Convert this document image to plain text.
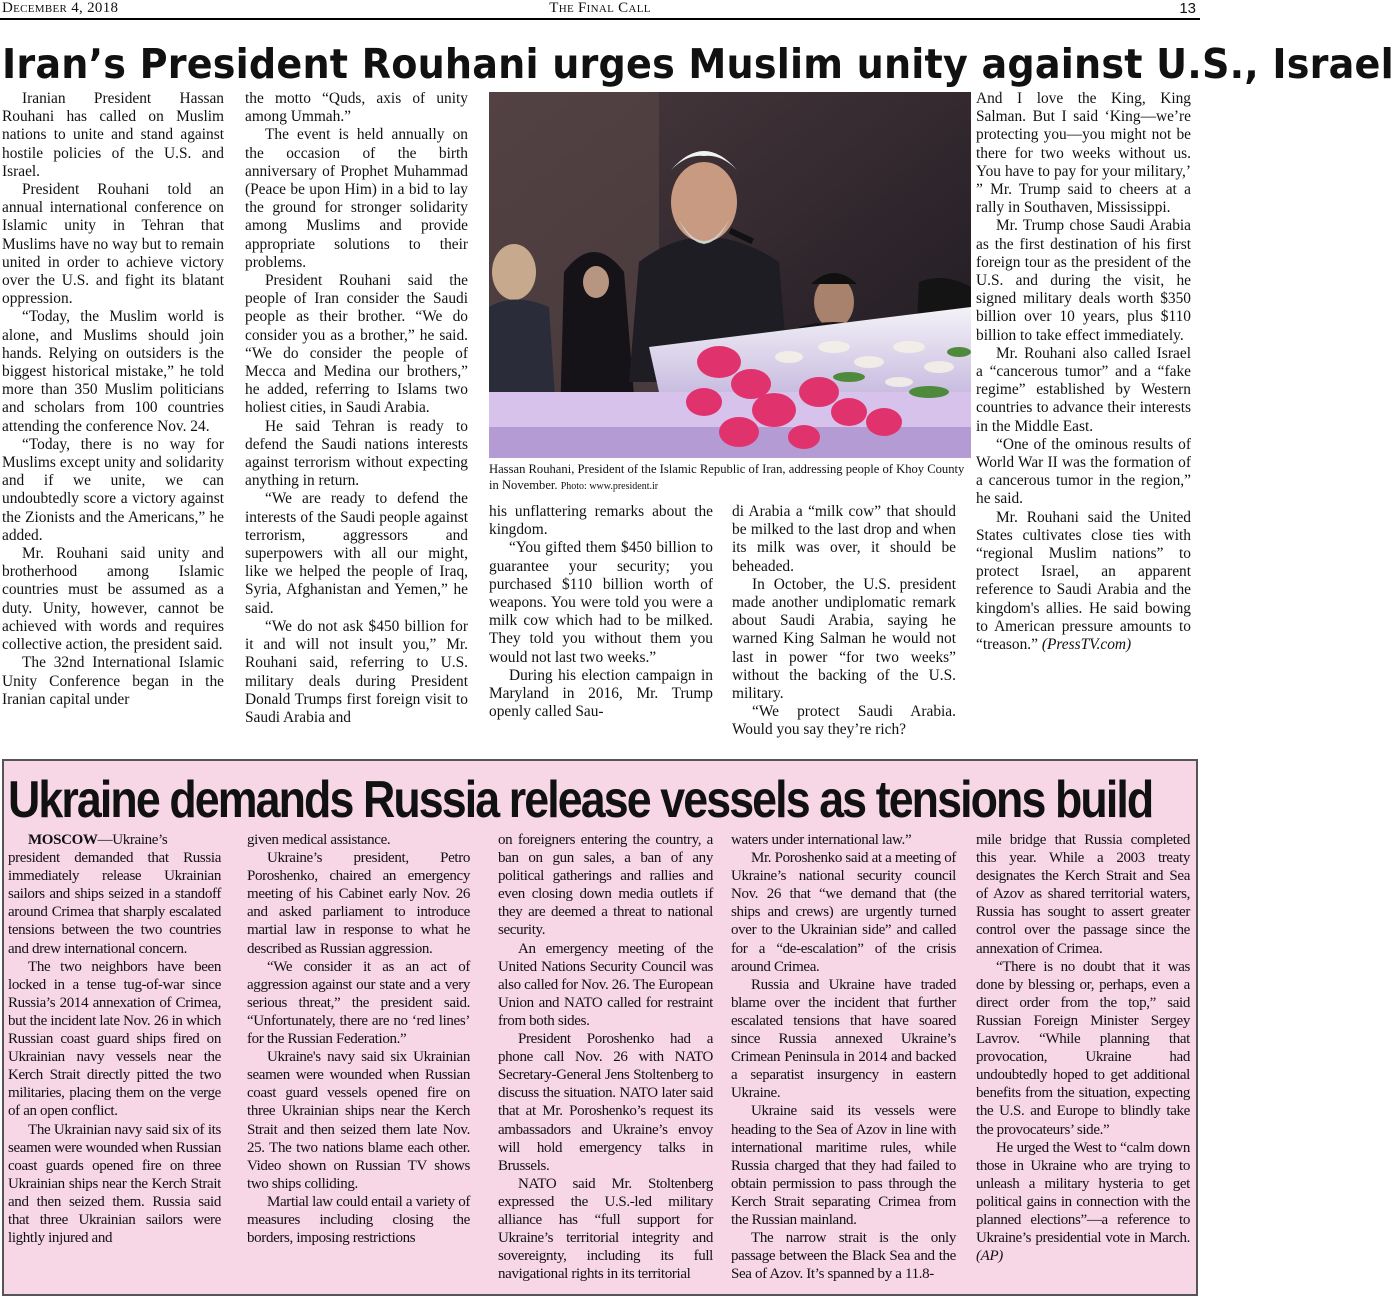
December 4, 2018	The Final Call	13
Iran’s President Rouhani urges Muslim unity against U.S., Israel

Iranian President Hassan Rouhani has called on Muslim nations to unite and stand against hostile policies of the U.S. and Israel.

President Rouhani told an annual international conference on Islamic unity in Tehran that Muslims have no way but to remain united in order to achieve victory over the U.S. and fight its blatant oppression.

“Today, the Muslim world is alone, and Muslims should join hands. Relying on outsiders is the biggest historical mistake,” he told more than 350 Muslim politicians and scholars from 100 countries attending the conference Nov. 24.

“Today, there is no way for Muslims except unity and solidarity and if we unite, we can undoubtedly score a victory against the Zionists and the Americans,” he added.

Mr. Rouhani said unity and brotherhood among Islamic countries must be assumed as a duty. Unity, however, cannot be achieved with words and requires collective action, the president said.

The 32nd International Islamic Unity Conference began in the Iranian capital under

the motto “Quds, axis of unity among Ummah.”

The event is held annually on the occasion of the birth anniversary of Prophet Muhammad (Peace be upon Him) in a bid to lay the ground for stronger solidarity among Muslims and provide appropriate solutions to their problems.

President Rouhani said the people of Iran consider the Saudi people as their brother. “We do consider you as a brother,” he said. “We do consider the people of Mecca and Medina our brothers,” he added, referring to Islams two holiest cities, in Saudi Arabia.

He said Tehran is ready to defend the Saudi nations interests against terrorism without expecting anything in return.

“We are ready to defend the interests of the Saudi people against terrorism, aggressors and superpowers with all our might, like we helped the people of Iraq, Syria, Afghanistan and Yemen,” he said.

“We do not ask $450 billion for it and will not insult you,” Mr. Rouhani said, referring to U.S. military deals during President Donald Trumps first foreign visit to Saudi Arabia and

Hassan Rouhani, President of the Islamic Republic of Iran, addressing people of Khoy County in November. Photo: www.president.ir

his unflattering remarks about the kingdom.

“You gifted them $450 billion to guarantee your security; you purchased $110 billion worth of weapons. You were told you were a milk cow which had to be milked. They told you without them you would not last two weeks.”

During his election campaign in Maryland in 2016, Mr. Trump openly called Sau-

di Arabia a “milk cow” that should be milked to the last drop and when its milk was over, it should be beheaded.

In October, the U.S. president made another undiplomatic remark about Saudi Arabia, saying he warned King Salman he would not last in power “for two weeks” without the backing of the U.S. military.

“We protect Saudi Arabia. Would you say they’re rich?

And I love the King, King Salman. But I said ‘King—we’re protecting you—you might not be there for two weeks without us. You have to pay for your military,’ ” Mr. Trump said to cheers at a rally in Southaven, Mississippi.

Mr. Trump chose Saudi Arabia as the first destination of his first foreign tour as the president of the U.S. and during the visit, he signed military deals worth $350 billion over 10 years, plus $110 billion to take effect immediately.

Mr. Rouhani also called Israel a “cancerous tumor” and a “fake regime” established by Western countries to advance their interests in the Middle East.

“One of the ominous results of World War II was the formation of a cancerous tumor in the region,” he said.

Mr. Rouhani said the United States cultivates close ties with “regional Muslim nations” to protect Israel, an apparent reference to Saudi Arabia and the kingdom's allies. He said bowing to American pressure amounts to “treason.” (PressTV.com)

Ukraine demands Russia release vessels as tensions build

MOSCOW—Ukraine’s president demanded that Russia immediately release Ukrainian sailors and ships seized in a standoff around Crimea that sharply escalated tensions between the two countries and drew international concern.

The two neighbors have been locked in a tense tug-of-war since Russia’s 2014 annexation of Crimea, but the incident late Nov. 26 in which Russian coast guard ships fired on Ukrainian navy vessels near the Kerch Strait directly pitted the two militaries, placing them on the verge of an open conflict.

The Ukrainian navy said six of its seamen were wounded when Russian coast guards opened fire on three Ukrainian ships near the Kerch Strait and then seized them. Russia said that three Ukrainian sailors were lightly injured and

given medical assistance.

Ukraine’s president, Petro Poroshenko, chaired an emergency meeting of his Cabinet early Nov. 26 and asked parliament to introduce martial law in response to what he described as Russian aggression.

“We consider it as an act of aggression against our state and a very serious threat,” the president said. “Unfortunately, there are no ‘red lines’ for the Russian Federation.”

Ukraine's navy said six Ukrainian seamen were wounded when Russian coast guard vessels opened fire on three Ukrainian ships near the Kerch Strait and then seized them late Nov. 25. The two nations blame each other. Video shown on Russian TV shows two ships colliding.

Martial law could entail a variety of measures including closing the borders, imposing restrictions

on foreigners entering the country, a ban on gun sales, a ban of any political gatherings and rallies and even closing down media outlets if they are deemed a threat to national security.

An emergency meeting of the United Nations Security Council was also called for Nov. 26. The European Union and NATO called for restraint from both sides.

President Poroshenko had a phone call Nov. 26 with NATO Secretary-General Jens Stoltenberg to discuss the situation. NATO later said that at Mr. Poroshenko’s request its ambassadors and Ukraine’s envoy will hold emergency talks in Brussels.

NATO said Mr. Stoltenberg expressed the U.S.-led military alliance has “full support for Ukraine’s territorial integrity and sovereignty, including its full navigational rights in its territorial

waters under international law.”

Mr. Poroshenko said at a meeting of Ukraine’s national security council Nov. 26 that “we demand that (the ships and crews) are urgently turned over to the Ukrainian side” and called for a “de-escalation” of the crisis around Crimea.

Russia and Ukraine have traded blame over the incident that further escalated tensions that have soared since Russia annexed Ukraine’s Crimean Peninsula in 2014 and backed a separatist insurgency in eastern Ukraine.

Ukraine said its vessels were heading to the Sea of Azov in line with international maritime rules, while Russia charged that they had failed to obtain permission to pass through the Kerch Strait separating Crimea from the Russian mainland.

The narrow strait is the only passage between the Black Sea and the Sea of Azov. It’s spanned by a 11.8-

mile bridge that Russia completed this year. While a 2003 treaty designates the Kerch Strait and Sea of Azov as shared territorial waters, Russia has sought to assert greater control over the passage since the annexation of Crimea.

“There is no doubt that it was done by blessing or, perhaps, even a direct order from the top,” said Russian Foreign Minister Sergey Lavrov. “While planning that provocation, Ukraine had undoubtedly hoped to get additional benefits from the situation, expecting the U.S. and Europe to blindly take the provocateurs’ side.”

He urged the West to “calm down those in Ukraine who are trying to unleash a military hysteria to get political gains in connection with the planned elections”—a reference to Ukraine’s presidential vote in March. (AP)
